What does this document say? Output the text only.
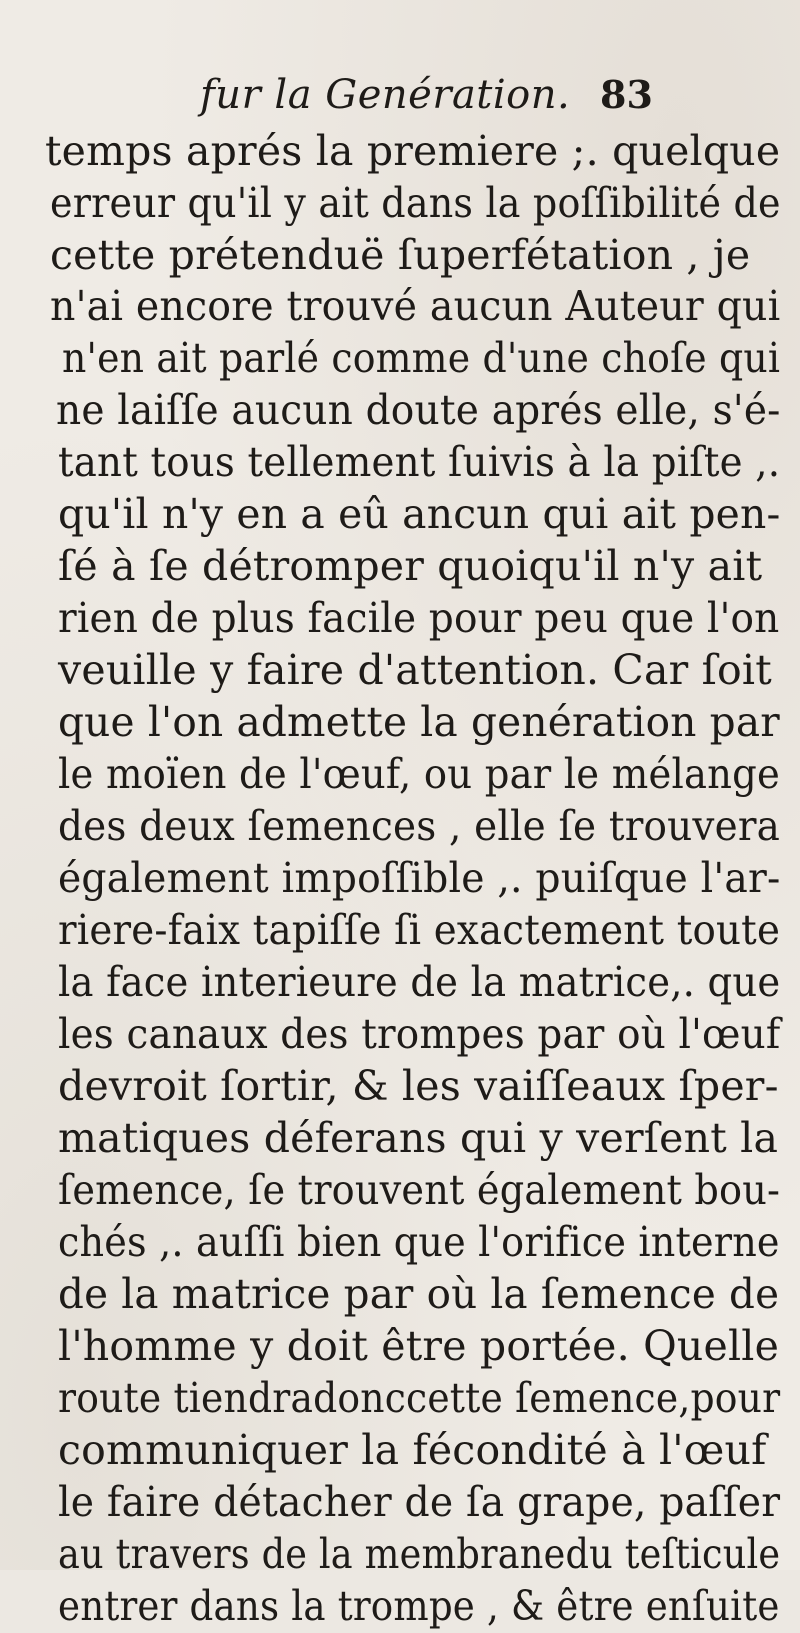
fur la Genération. 83
temps aprés la premiere ;. quelque
erreur qu'il y ait dans la poſſibilité de
cette prétenduë ſuperfétation , je
n'ai encore trouvé aucun Auteur qui
n'en ait parlé comme d'une choſe qui
ne laiſſe aucun doute aprés elle, s'é-
tant tous tellement ſuivis à la piſte ,.
qu'il n'y en a eû ancun qui ait pen-
ſé à ſe détromper quoiqu'il n'y ait
rien de plus facile pour peu que l'on
veuille y faire d'attention. Car ſoit
que l'on admette la genération par
le moïen de l'œuf, ou par le mélange
des deux ſemences , elle ſe trouvera
également impoſſible ,. puiſque l'ar-
riere-faix tapiſſe ſi exactement toute
la face interieure de la matrice,. que
les canaux des trompes par où l'œuf
devroit ſortir, & les vaiſſeaux ſper-
matiques déferans qui y verſent la
ſemence, ſe trouvent également bou-
chés ,. auſſi bien que l'orifice interne
de la matrice par où la ſemence de
l'homme y doit être portée. Quelle
route tiendradonccette ſemence,pour
communiquer la fécondité à l'œuf
le faire détacher de ſa grape, paſſer
au travers de la membranedu teſticule
entrer dans la trompe , & être enſuite
